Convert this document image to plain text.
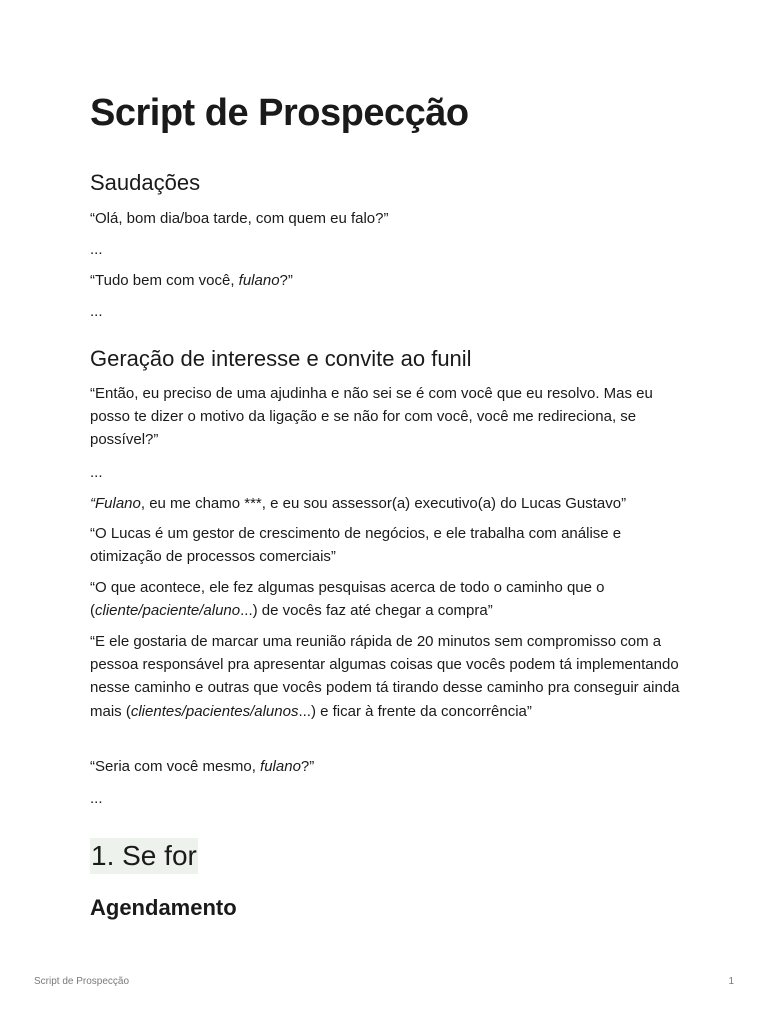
Script de Prospecção
Saudações

“Olá, bom dia/boa tarde, com quem eu falo?”

...

“Tudo bem com você, fulano?”

...

Geração de interesse e convite ao funil

“Então, eu preciso de uma ajudinha e não sei se é com você que eu resolvo. Mas eu posso te dizer o motivo da ligação e se não for com você, você me redireciona, se possível?”

...

“Fulano, eu me chamo ***, e eu sou assessor(a) executivo(a) do Lucas Gustavo”

“O Lucas é um gestor de crescimento de negócios, e ele trabalha com análise e otimização de processos comerciais”

“O que acontece, ele fez algumas pesquisas acerca de todo o caminho que o (cliente/paciente/aluno...) de vocês faz até chegar a compra”

“E ele gostaria de marcar uma reunião rápida de 20 minutos sem compromisso com a pessoa responsável pra apresentar algumas coisas que vocês podem tá implementando nesse caminho e outras que vocês podem tá tirando desse caminho pra conseguir ainda mais (clientes/pacientes/alunos...) e ficar à frente da concorrência”

“Seria com você mesmo, fulano?”

...

1. Se for
Agendamento
Script de Prospecção	1
